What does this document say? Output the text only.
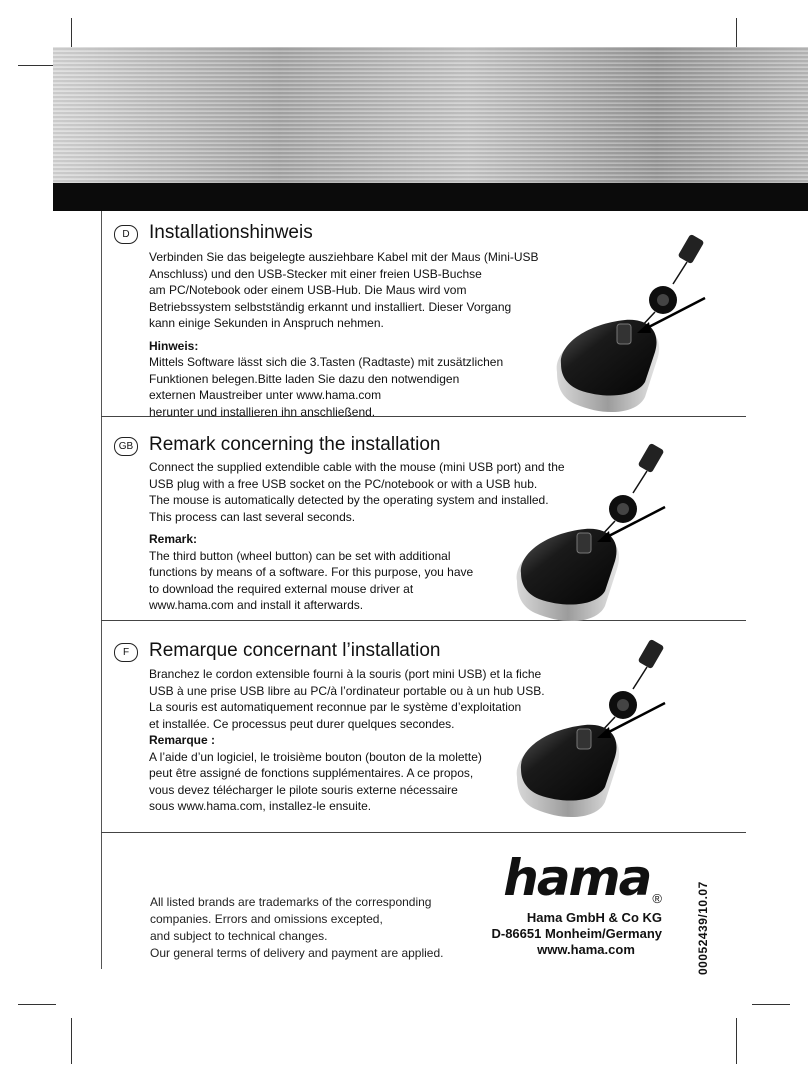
D	Installationshinweis

Verbinden Sie das beigelegte ausziehbare Kabel mit der Maus (Mini-USB

Anschluss) und den USB-Stecker mit einer freien USB-Buchse

am PC/Notebook oder einem USB-Hub. Die Maus wird vom

Betriebssystem selbstständig erkannt und installiert. Dieser Vorgang

kann einige Sekunden in Anspruch nehmen.

Hinweis:

Mittels Software lässt sich die 3.Tasten (Radtaste) mit zusätzlichen

Funktionen belegen.Bitte laden Sie dazu den notwendigen

externen Maustreiber unter www.hama.com

herunter und installieren ihn anschließend.

GB Remark concerning the installation

Connect the supplied extendible cable with the mouse (mini USB port) and the

USB plug with a free USB socket on the PC/notebook or with a USB hub.

The mouse is automatically detected by the operating system and installed.

This process can last several seconds.

Remark:

The third button (wheel button) can be set with additional

functions by means of a software. For this purpose, you have

to download the required external mouse driver at

www.hama.com and install it afterwards.

F	Remarque concernant l’installation

Branchez le cordon extensible fourni à la souris (port mini USB) et la fiche

USB à une prise USB libre au PC/à l’ordinateur portable ou à un hub USB.

La souris est automatiquement reconnue par le système d’exploitation

et installée. Ce processus peut durer quelques secondes.

Remarque :

A l’aide d’un logiciel, le troisième bouton (bouton de la molette)

peut être assigné de fonctions supplémentaires. A ce propos,

vous devez télécharger le pilote souris externe nécessaire

sous www.hama.com, installez-le ensuite.

All listed brands are trademarks of the corresponding

companies. Errors and omissions excepted,

and subject to technical changes.

Our general terms of delivery and payment are applied.

hama ®

Hama GmbH & Co KG

D-86651 Monheim/Germany

www.hama.com	00052439/10.07
